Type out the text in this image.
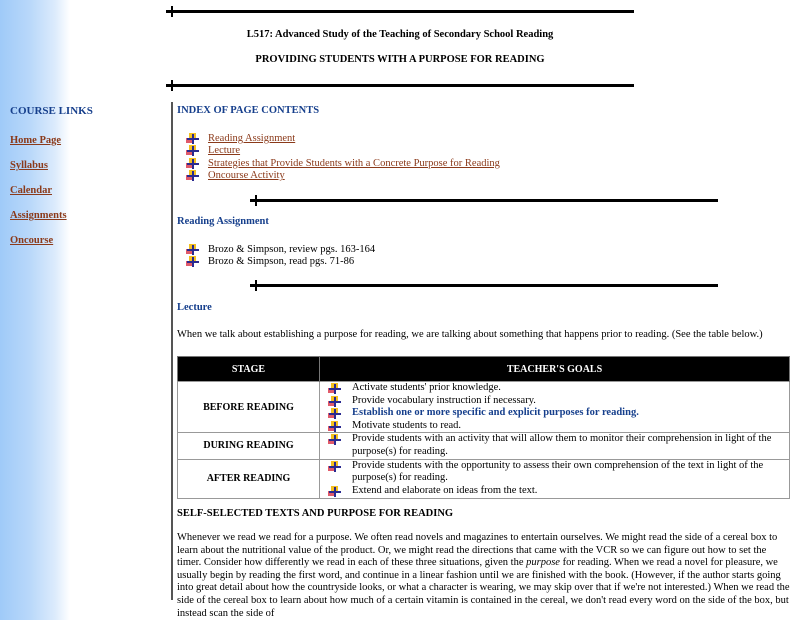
L517: Advanced Study of the Teaching of Secondary School Reading
PROVIDING STUDENTS WITH A PURPOSE FOR READING
COURSE LINKS
Home Page
Syllabus
Calendar
Assignments
Oncourse
INDEX OF PAGE CONTENTS
Reading Assignment
Lecture
Strategies that Provide Students with a Concrete Purpose for Reading
Oncourse Activity
Reading Assignment
Brozo & Simpson, review pgs. 163-164
Brozo & Simpson, read pgs. 71-86
Lecture
When we talk about establishing a purpose for reading, we are talking about something that happens prior to reading. (See the table below.)
STAGE	TEACHER'S GOALS
BEFORE READING	Activate students' prior knowledge.
Provide vocabulary instruction if necessary.
Establish one or more specific and explicit purposes for reading.
Motivate students to read.

DURING READING	Provide students with an activity that will allow them to monitor their comprehension in light of the purpose(s) for reading.

AFTER READING	Provide students with the opportunity to assess their own comprehension of the text in light of the purpose(s) for reading.
Extend and elaborate on ideas from the text.
SELF-SELECTED TEXTS AND PURPOSE FOR READING
Whenever we read we read for a purpose. We often read novels and magazines to entertain ourselves. We might read the side of a cereal box to learn about the nutritional value of the product. Or, we might read the directions that came with the VCR so we can figure out how to set the timer. Consider how differently we read in each of these three situations, given the purpose for reading. When we read a novel for pleasure, we usually begin by reading the first word, and continue in a linear fashion until we are finished with the book. (However, if the author starts going into great detail about how the countryside looks, or what a character is wearing, we may skip over that if we're not interested.) When we read the side of the cereal box to learn about how much of a certain vitamin is contained in the cereal, we don't read every word on the side of the box, but instead scan the side of
